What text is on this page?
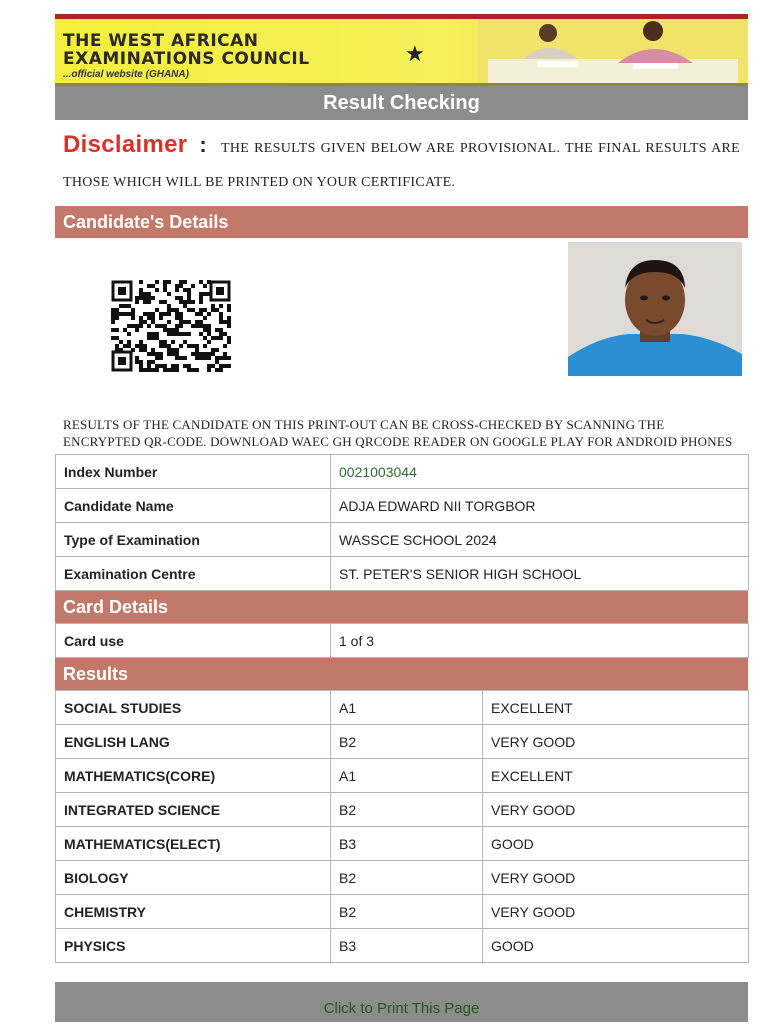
THE WEST AFRICAN
EXAMINATIONS COUNCIL
...official website (GHANA)
★
Result Checking
Disclaimer : THE RESULTS GIVEN BELOW ARE PROVISIONAL. THE FINAL RESULTS ARE THOSE WHICH WILL BE PRINTED ON YOUR CERTIFICATE.
Candidate's Details
RESULTS OF THE CANDIDATE ON THIS PRINT-OUT CAN BE CROSS-CHECKED BY SCANNING THE ENCRYPTED QR-CODE. DOWNLOAD WAEC GH QRCODE READER ON GOOGLE PLAY FOR ANDROID PHONES
Index Number	0021003044
Candidate Name	ADJA EDWARD NII TORGBOR
Type of Examination	WASSCE SCHOOL 2024
Examination Centre	ST. PETER'S SENIOR HIGH SCHOOL
Card Details
Card use	1 of 3
Results
SOCIAL STUDIES	A1	EXCELLENT
ENGLISH LANG	B2	VERY GOOD
MATHEMATICS(CORE)	A1	EXCELLENT
INTEGRATED SCIENCE	B2	VERY GOOD
MATHEMATICS(ELECT)	B3	GOOD
BIOLOGY	B2	VERY GOOD
CHEMISTRY	B2	VERY GOOD
PHYSICS	B3	GOOD
Click to Print This Page
